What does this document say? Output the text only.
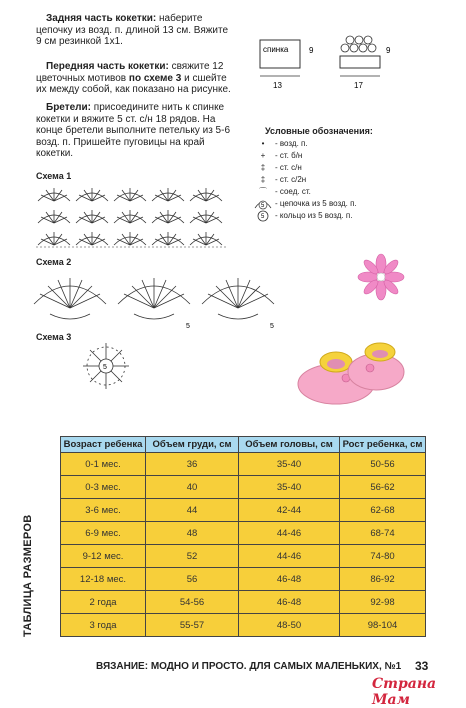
Задняя часть кокетки: наберите цепочку из возд. п. длиной 13 см. Вяжите 9 см резинкой 1х1.
Передняя часть кокетки: свяжите 12 цветочных мотивов по схеме 3 и сшейте их между собой, как показано на рисунке.
Бретели: присоедините нить к спинке кокетки и вяжите 5 ст. с/н 18 рядов. На конце бретели выполните петельку из 5-6 возд. п. Пришейте пуговицы на край кокетки.
спинка	9
13
9
17
Условные обозначения:
•	- возд. п.
+	- ст. б/н
‡	- ст. с/н
‡	- ст. с/2н
⌒	- соед. ст.
5 - цепочка из 5 возд. п.
5 - кольцо из 5 возд. п.
Схема 1
Схема 2
5	5
Схема 3
5
ТАБЛИЦА РАЗМЕРОВ
Возраст ребенка	Объем груди, см	Объем головы, см	Рост ребенка, см
0-1 мес.	36	35-40	50-56
0-3 мес.	40	35-40	56-62
3-6 мес.	44	42-44	62-68
6-9 мес.	48	44-46	68-74
9-12 мес.	52	44-46	74-80
12-18 мес.	56	46-48	86-92
2 года	54-56	46-48	92-98
3 года	55-57	48-50	98-104
ВЯЗАНИЕ: МОДНО И ПРОСТО. ДЛЯ САМЫХ МАЛЕНЬКИХ, №1 33
Страна Мам
